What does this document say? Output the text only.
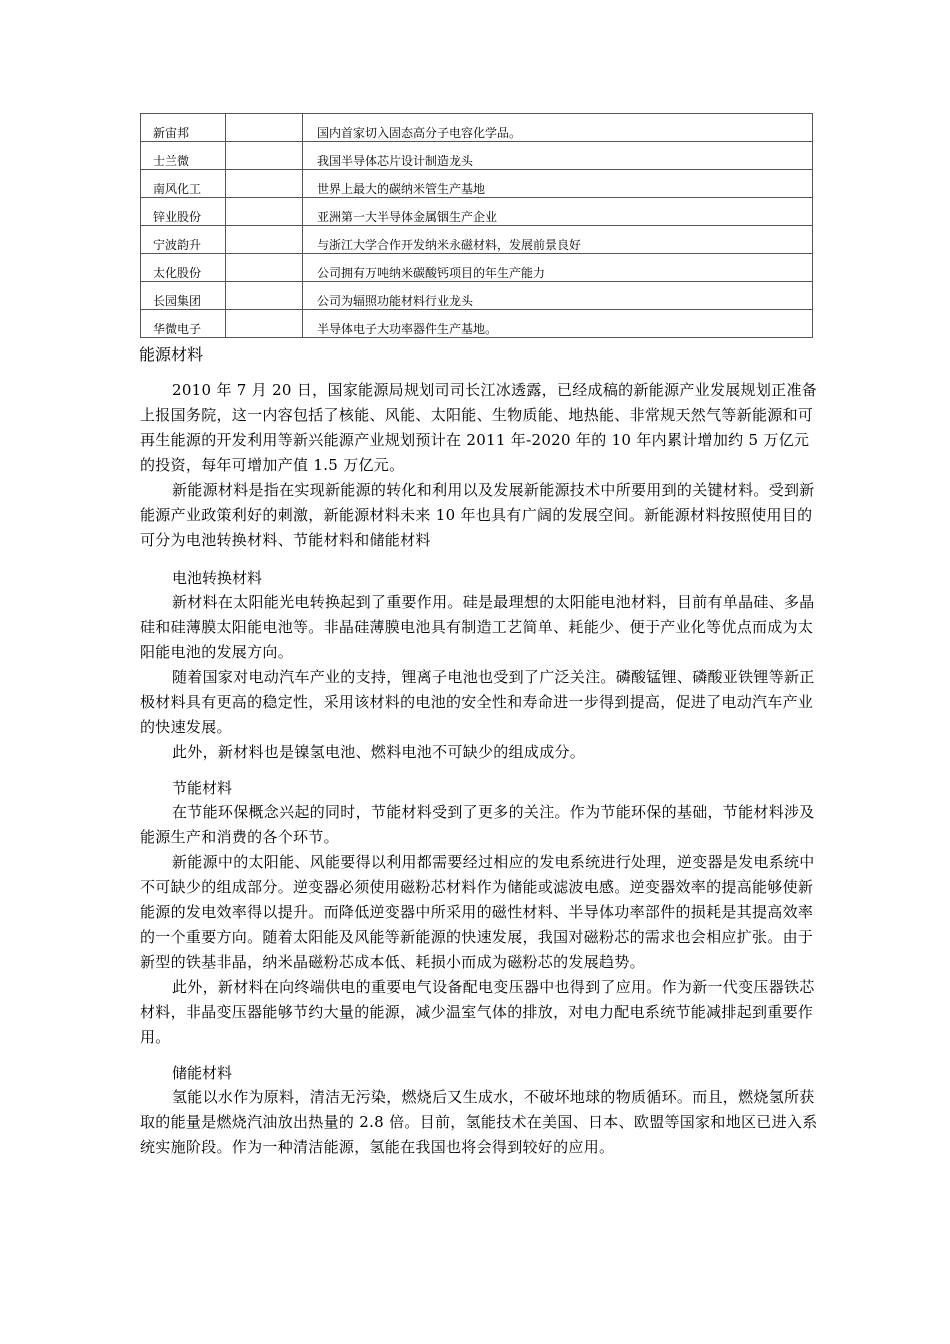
新宙邦		国内首家切入固态高分子电容化学品。
士兰微		我国半导体芯片设计制造龙头
南风化工		世界上最大的碳纳米管生产基地
锌业股份		亚洲第一大半导体金属铟生产企业
宁波韵升		与浙江大学合作开发纳米永磁材料，发展前景良好
太化股份		公司拥有万吨纳米碳酸钙项目的年生产能力
长园集团		公司为辐照功能材料行业龙头
华微电子		半导体电子大功率器件生产基地。
能源材料

2010 年 7 月 20 日，国家能源局规划司司长江冰透露，已经成稿的新能源产业发展规划正准备上报国务院，这一内容包括了核能、风能、太阳能、生物质能、地热能、非常规天然气等新能源和可再生能源的开发利用等新兴能源产业规划预计在 2011 年-2020 年的 10 年内累计增加约 5 万亿元的投资，每年可增加产值 1.5 万亿元。

新能源材料是指在实现新能源的转化和利用以及发展新能源技术中所要用到的关键材料。受到新能源产业政策利好的刺激，新能源材料未来 10 年也具有广阔的发展空间。新能源材料按照使用目的可分为电池转换材料、节能材料和储能材料

电池转换材料

新材料在太阳能光电转换起到了重要作用。硅是最理想的太阳能电池材料，目前有单晶硅、多晶硅和硅薄膜太阳能电池等。非晶硅薄膜电池具有制造工艺简单、耗能少、便于产业化等优点而成为太阳能电池的发展方向。

随着国家对电动汽车产业的支持，锂离子电池也受到了广泛关注。磷酸锰锂、磷酸亚铁锂等新正极材料具有更高的稳定性，采用该材料的电池的安全性和寿命进一步得到提高，促进了电动汽车产业的快速发展。

此外，新材料也是镍氢电池、燃料电池不可缺少的组成成分。

节能材料

在节能环保概念兴起的同时，节能材料受到了更多的关注。作为节能环保的基础，节能材料涉及能源生产和消费的各个环节。

新能源中的太阳能、风能要得以利用都需要经过相应的发电系统进行处理，逆变器是发电系统中不可缺少的组成部分。逆变器必须使用磁粉芯材料作为储能或滤波电感。逆变器效率的提高能够使新能源的发电效率得以提升。而降低逆变器中所采用的磁性材料、半导体功率部件的损耗是其提高效率的一个重要方向。随着太阳能及风能等新能源的快速发展，我国对磁粉芯的需求也会相应扩张。由于新型的铁基非晶，纳米晶磁粉芯成本低、耗损小而成为磁粉芯的发展趋势。

此外，新材料在向终端供电的重要电气设备配电变压器中也得到了应用。作为新一代变压器铁芯材料，非晶变压器能够节约大量的能源，减少温室气体的排放，对电力配电系统节能减排起到重要作用。

储能材料

氢能以水作为原料，清洁无污染，燃烧后又生成水，不破坏地球的物质循环。而且，燃烧氢所获取的能量是燃烧汽油放出热量的 2.8 倍。目前，氢能技术在美国、日本、欧盟等国家和地区已进入系统实施阶段。作为一种清洁能源，氢能在我国也将会得到较好的应用。
